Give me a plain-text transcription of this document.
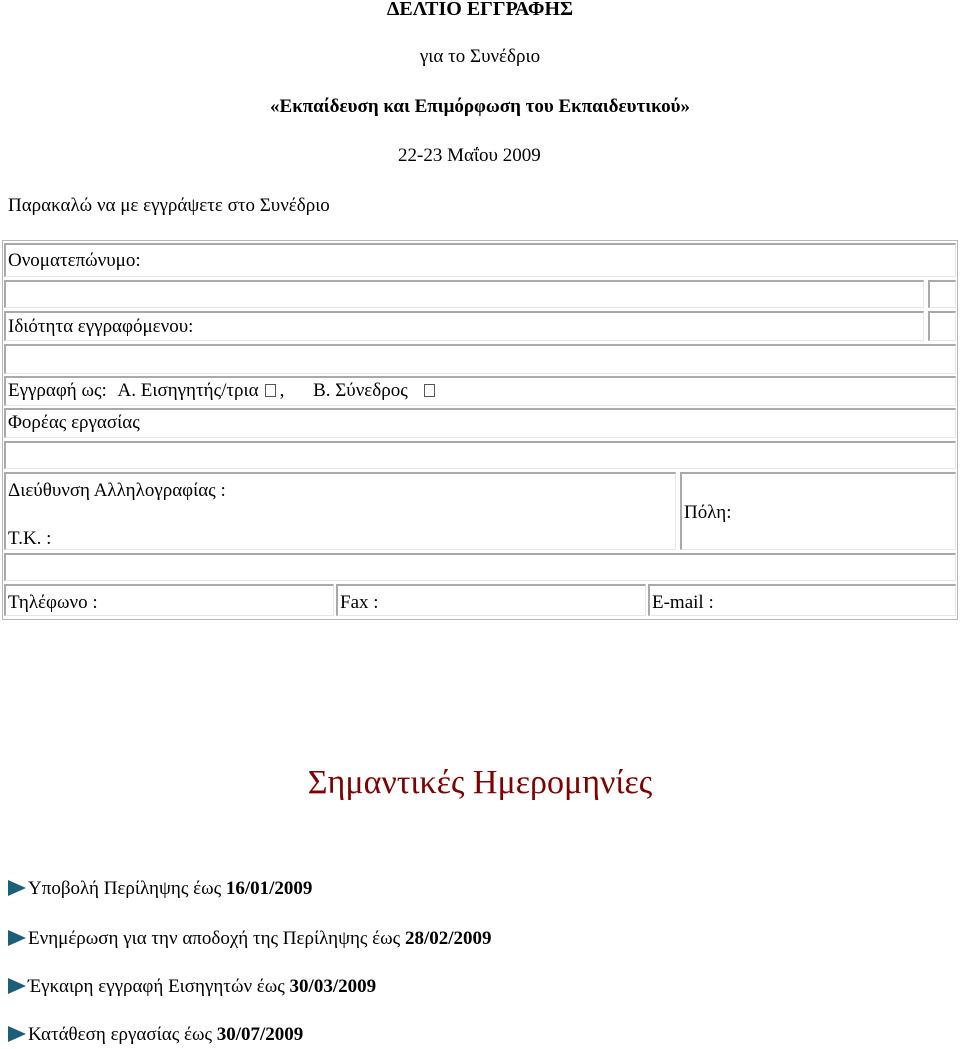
ΔΕΛΤΙΟ ΕΓΓΡΑΦΗΣ
για το Συνέδριο
«Εκπαίδευση και Επιμόρφωση του Εκπαιδευτικού»
22-23 Μαΐου 2009
Παρακαλώ να με εγγράψετε στο Συνέδριο
Ονοματεπώνυμο:
Ιδιότητα εγγραφόμενου:
Εγγραφή ως: Α. Εισηγητής/τρια , Β. Σύνεδρος
Φορέας εργασίας
Διεύθυνση Αλληλογραφίας :
Τ.Κ. :
Πόλη:
Τηλέφωνο :	Fax :	E-mail :
Σημαντικές Ημερομηνίες
Υποβολή Περίληψης έως 16/01/2009
Ενημέρωση για την αποδοχή της Περίληψης έως 28/02/2009
Έγκαιρη εγγραφή Εισηγητών έως 30/03/2009
Κατάθεση εργασίας έως 30/07/2009
